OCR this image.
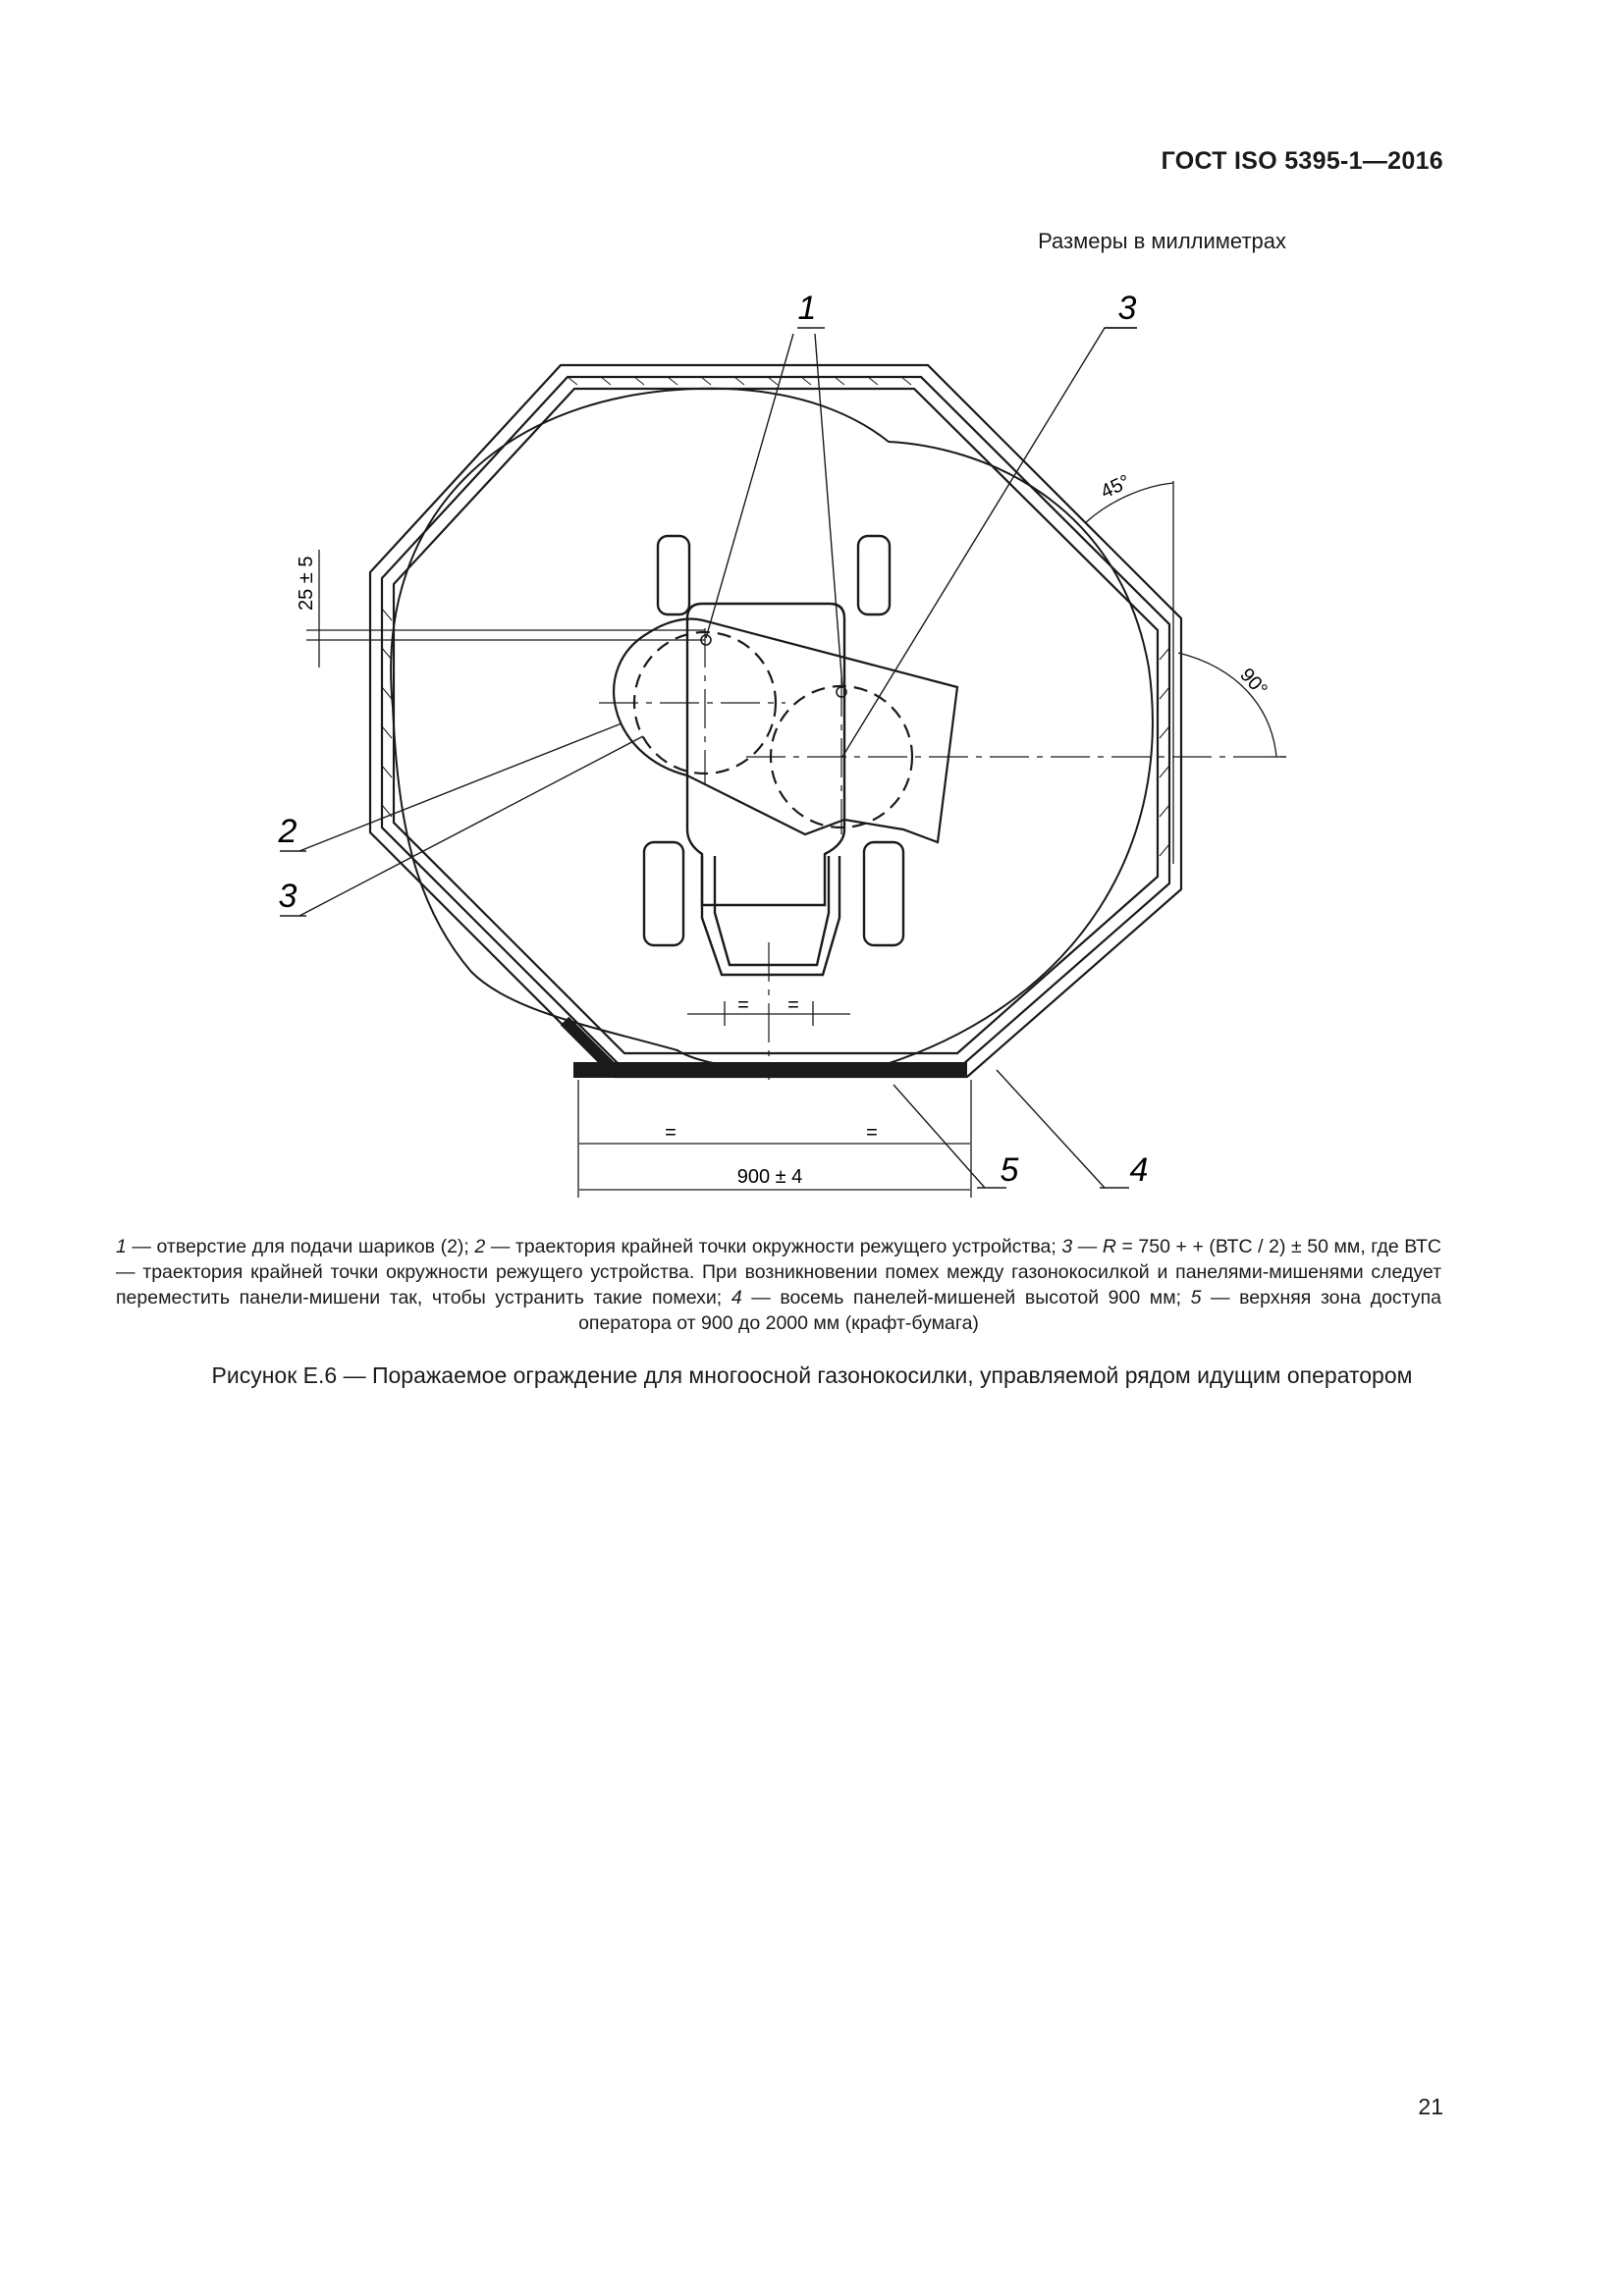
ГОСТ ISO 5395-1—2016
Размеры в миллиметрах
1	3
2
3
4
5
25 ± 5
45°
90°
= =
=	=
900 ± 4
1 — отверстие для подачи шариков (2); 2 — траектория крайней точки окружности режущего устройства; 3 — R = 750 + + (ВТС / 2) ± 50 мм, где ВТС — траектория крайней точки окружности режущего устройства. При возникновении помех между газонокосилкой и панелями-мишенями следует переместить панели-мишени так, чтобы устранить такие помехи; 4 — восемь панелей-мишеней высотой 900 мм; 5 — верхняя зона доступа оператора от 900 до 2000 мм (крафт-бумага)
Рисунок Е.6 — Поражаемое ограждение для многоосной газонокосилки, управляемой рядом идущим оператором
21
